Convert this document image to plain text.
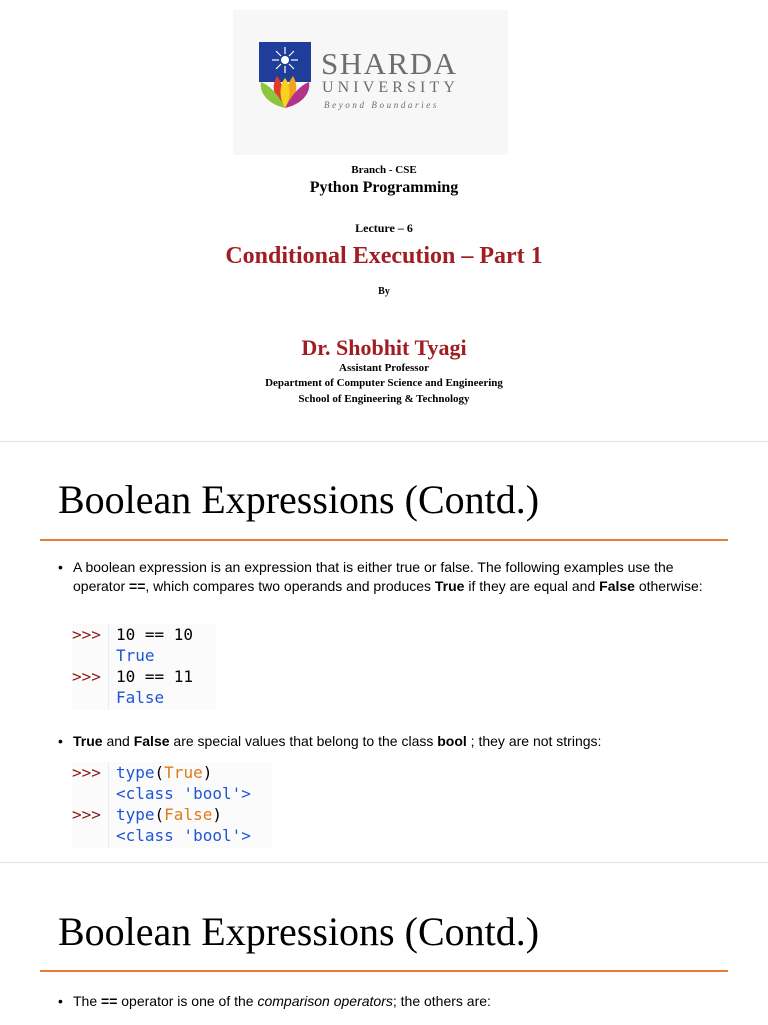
SHARDA
UNIVERSITY
Beyond Boundaries
Branch - CSE
Python Programming
Lecture – 6
Conditional Execution – Part 1
By
Dr. Shobhit Tyagi
Assistant Professor
Department of Computer Science and Engineering
School of Engineering & Technology
Boolean Expressions (Contd.)
• A boolean expression is an expression that is either true or false. The following examples use the operator ==, which compares two operands and produces True if they are equal and False otherwise:
>>> 10 == 10
True
>>> 10 == 11
False
• True and False are special values that belong to the class bool ; they are not strings:
>>> type(True)
<class 'bool'>
>>> type(False)
<class 'bool'>
Boolean Expressions (Contd.)
• The == operator is one of the comparison operators; the others are:
